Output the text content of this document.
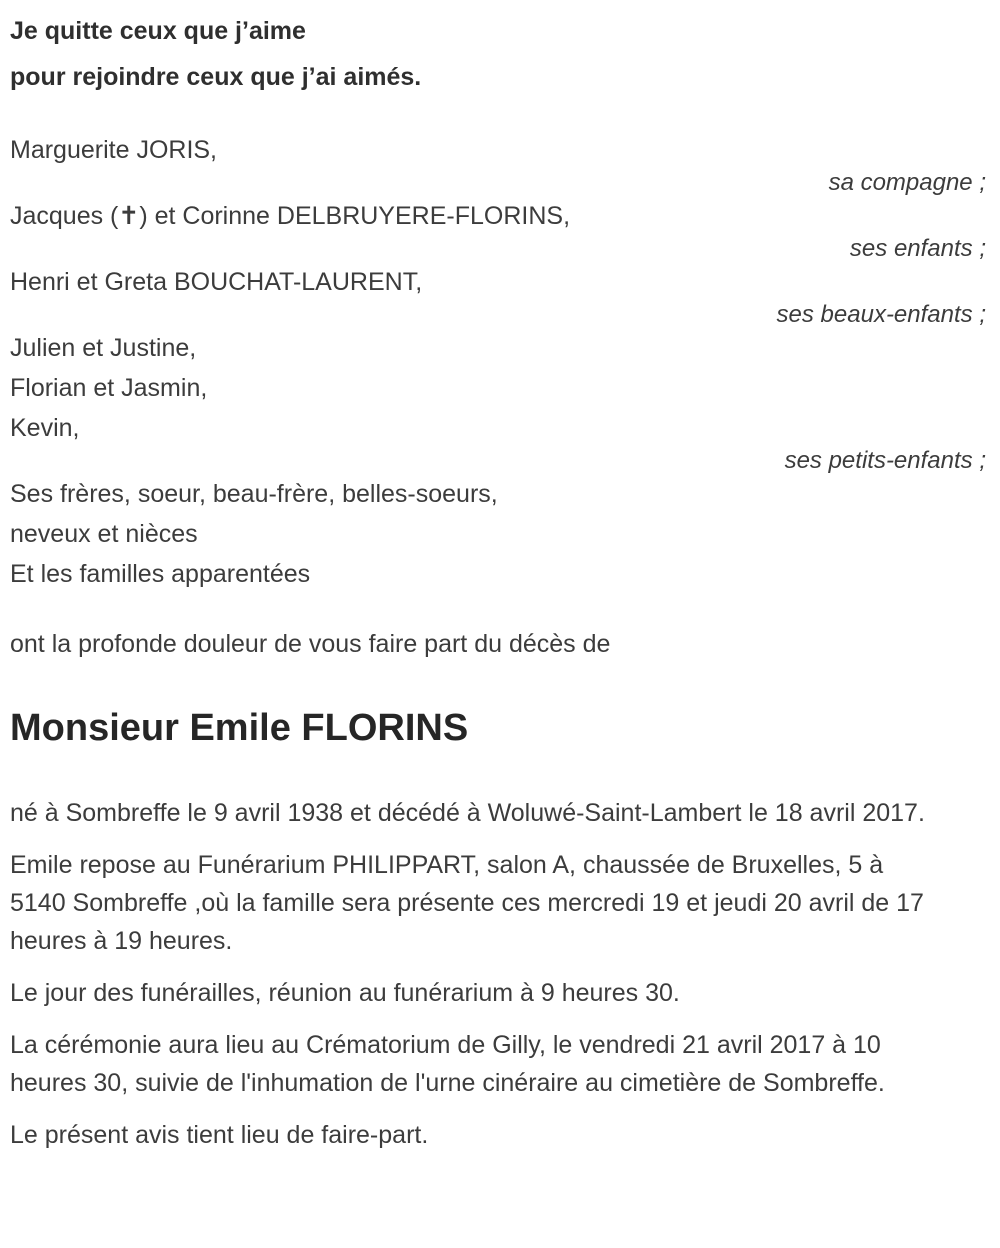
Je quitte ceux que j’aime
pour rejoindre ceux que j’ai aimés.
Marguerite JORIS,
sa compagne ;
Jacques (✝) et Corinne DELBRUYERE-FLORINS,
ses enfants ;
Henri et Greta BOUCHAT-LAURENT,
ses beaux-enfants ;
Julien et Justine,
Florian et Jasmin,
Kevin,
ses petits-enfants ;
Ses frères, soeur, beau-frère, belles-soeurs,
neveux et nièces
Et les familles apparentées
ont la profonde douleur de vous faire part du décès de
Monsieur Emile FLORINS

né à Sombreffe le 9 avril 1938 et décédé à Woluwé-Saint-Lambert le 18 avril 2017.

Emile repose au Funérarium PHILIPPART, salon A, chaussée de Bruxelles, 5 à 5140 Sombreffe ,où la famille sera présente ces mercredi 19 et jeudi 20 avril de 17 heures à 19 heures.

Le jour des funérailles, réunion au funérarium à 9 heures 30.

La cérémonie aura lieu au Crématorium de Gilly, le vendredi 21 avril 2017 à 10 heures 30, suivie de l'inhumation de l'urne cinéraire au cimetière de Sombreffe.

Le présent avis tient lieu de faire-part.
